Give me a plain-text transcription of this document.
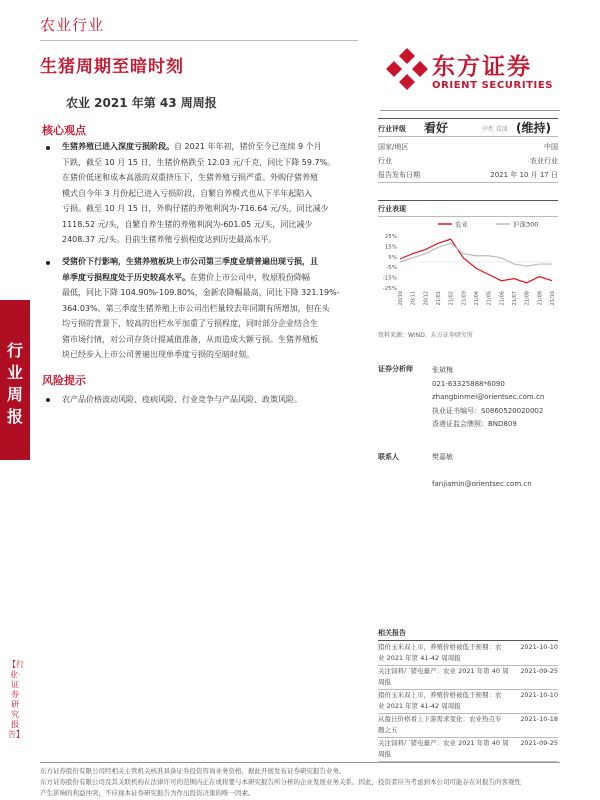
农业行业
生猪周期至暗时刻
农业 2021 年第 43 周周报
东方证券
ORIENT SECURITIES
行业周报
【行业·证券研究报告】
核心观点
生猪养殖已进入深度亏损阶段。自 2021 年年初，猪价至今已连续 9 个月
下跌，截至 10 月 15 日，生猪价格跌至 12.03 元/千克，同比下降 59.7%。
在猪价低迷和成本高涨的双重挤压下，生猪养殖亏损严重。外购仔猪养殖
模式自今年 3 月份起已进入亏损阶段，自繁自养模式也从下半年起陷入
亏损。截至 10 月 15 日，外购仔猪的养殖利润为-716.64 元/头，同比减少
1118.52 元/头，自繁自养生猪的养殖利润为-601.05 元/头，同比减少
2408.37 元/头。目前生猪养殖亏损程度达到历史最高水平。
受猪价下行影响，生猪养殖板块上市公司第三季度业绩普遍出现亏损，且
单季度亏损程度处于历史较高水平。在猪价上市公司中，牧原股份降幅
最低，同比下降 104.90%-109.80%，金新农降幅最高，同比下降 321.19%-
364.03%。第三季度生猪养殖上市公司出栏量较去年同期有所增加，但在头
均亏损的背景下，较高的出栏水平加重了亏损程度，同时部分企业结合生
猪市场行情，对公司存货计提减值准备，从而造成大额亏损。生猪养殖板
块已经步入上市公司普遍出现单季度亏损的至暗时刻。
风险提示
农产品价格波动风险、疫病风险、行业竞争与产品风险、政策风险。
行业评级 看好	中性 看淡 (维持)
国家/地区	中国
行业	农业行业
报告发布日期	2021 年 10 月 17 日
行业表现
农业	沪深300
25%
15%
5%
-5%
-15%
-25%
20/10 20/11 20/12 21/01 21/02 21/03 21/04 21/05 21/06 21/07 21/08 21/09 21/10
资料来源：WIND、东方证券研究所
证券分析师	张斌梅
021-63325888*6090
zhangbinmei@orientsec.com.cn
执业证书编号：S0860520020002
香港证监会牌照：BND809
联系人	樊嘉敏
fanjiamin@orientsec.com.cn
相关报告
猪价玉米双上市，养殖价格被低于预期：农
业 2021 年第 41-42 周周报
2021-10-10
关注饲料厂猪电量产：农业 2021 年第 40 周
周报
2021-09-25
猪价玉米双上市，养殖价格被低于预期：农
业 2021 年第 41-42 周周报
2021-10-10
从盈日价格看上下游需求变化：农业热点专
题之五
2021-10-18
关注饲料厂猪电量产：农业 2021 年第 40 周
周报
2021-09-25
东方证券股份有限公司经相关主管机关核准具备证券投资咨询业务资格，据此开展发布证券研究报告业务。
东方证券股份有限公司及其关联机构在法律许可的范围内正在或将要与本研究报告所分析的企业发展业务关系。因此，投资者应当考虑到本公司可能存在对报告的客观性
产生影响的利益冲突，不应视本证券研究报告为作出投资决策的唯一因素。
